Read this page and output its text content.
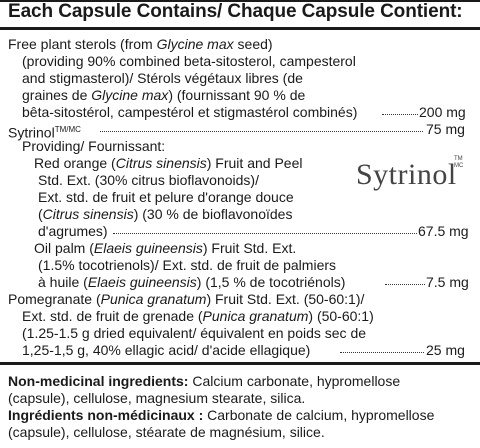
Each Capsule Contains/ Chaque Capsule Contient:
Free plant sterols (from Glycine max seed)
(providing 90% combined beta-sitosterol, campesterol
and stigmasterol)/ Stérols végétaux libres (de
graines de Glycine max) (fournissant 90 % de
bêta-sitostérol, campestérol et stigmastérol combinés)	200 mg
Sytrinol$^{TM/MC}$	75 mg
Providing/ Fournissant:
Red orange (Citrus sinensis) Fruit and Peel
Std. Ext. (30% citrus bioflavonoids)/
Ext. std. de fruit et pelure d'orange douce
(Citrus sinensis) (30 % de bioflavonoïdes
d'agrumes)	67.5 mg
Oil palm (Elaeis guineensis) Fruit Std. Ext.
(1.5% tocotrienols)/ Ext. std. de fruit de palmiers
à huile (Elaeis guineensis) (1,5 % de tocotriénols)	7.5 mg
Pomegranate (Punica granatum) Fruit Std. Ext. (50-60:1)/
Ext. std. de fruit de grenade (Punica granatum) (50-60:1)
(1.25-1.5 g dried equivalent/ équivalent en poids sec de
1,25-1,5 g, 40% ellagic acid/ d'acide ellagique)	25 mg
Sytrinol
TM
MC
Non-medicinal ingredients: Calcium carbonate, hypromellose
(capsule), cellulose, magnesium stearate, silica.
Ingrédients non-médicinaux : Carbonate de calcium, hypromellose
(capsule), cellulose, stéarate de magnésium, silice.
